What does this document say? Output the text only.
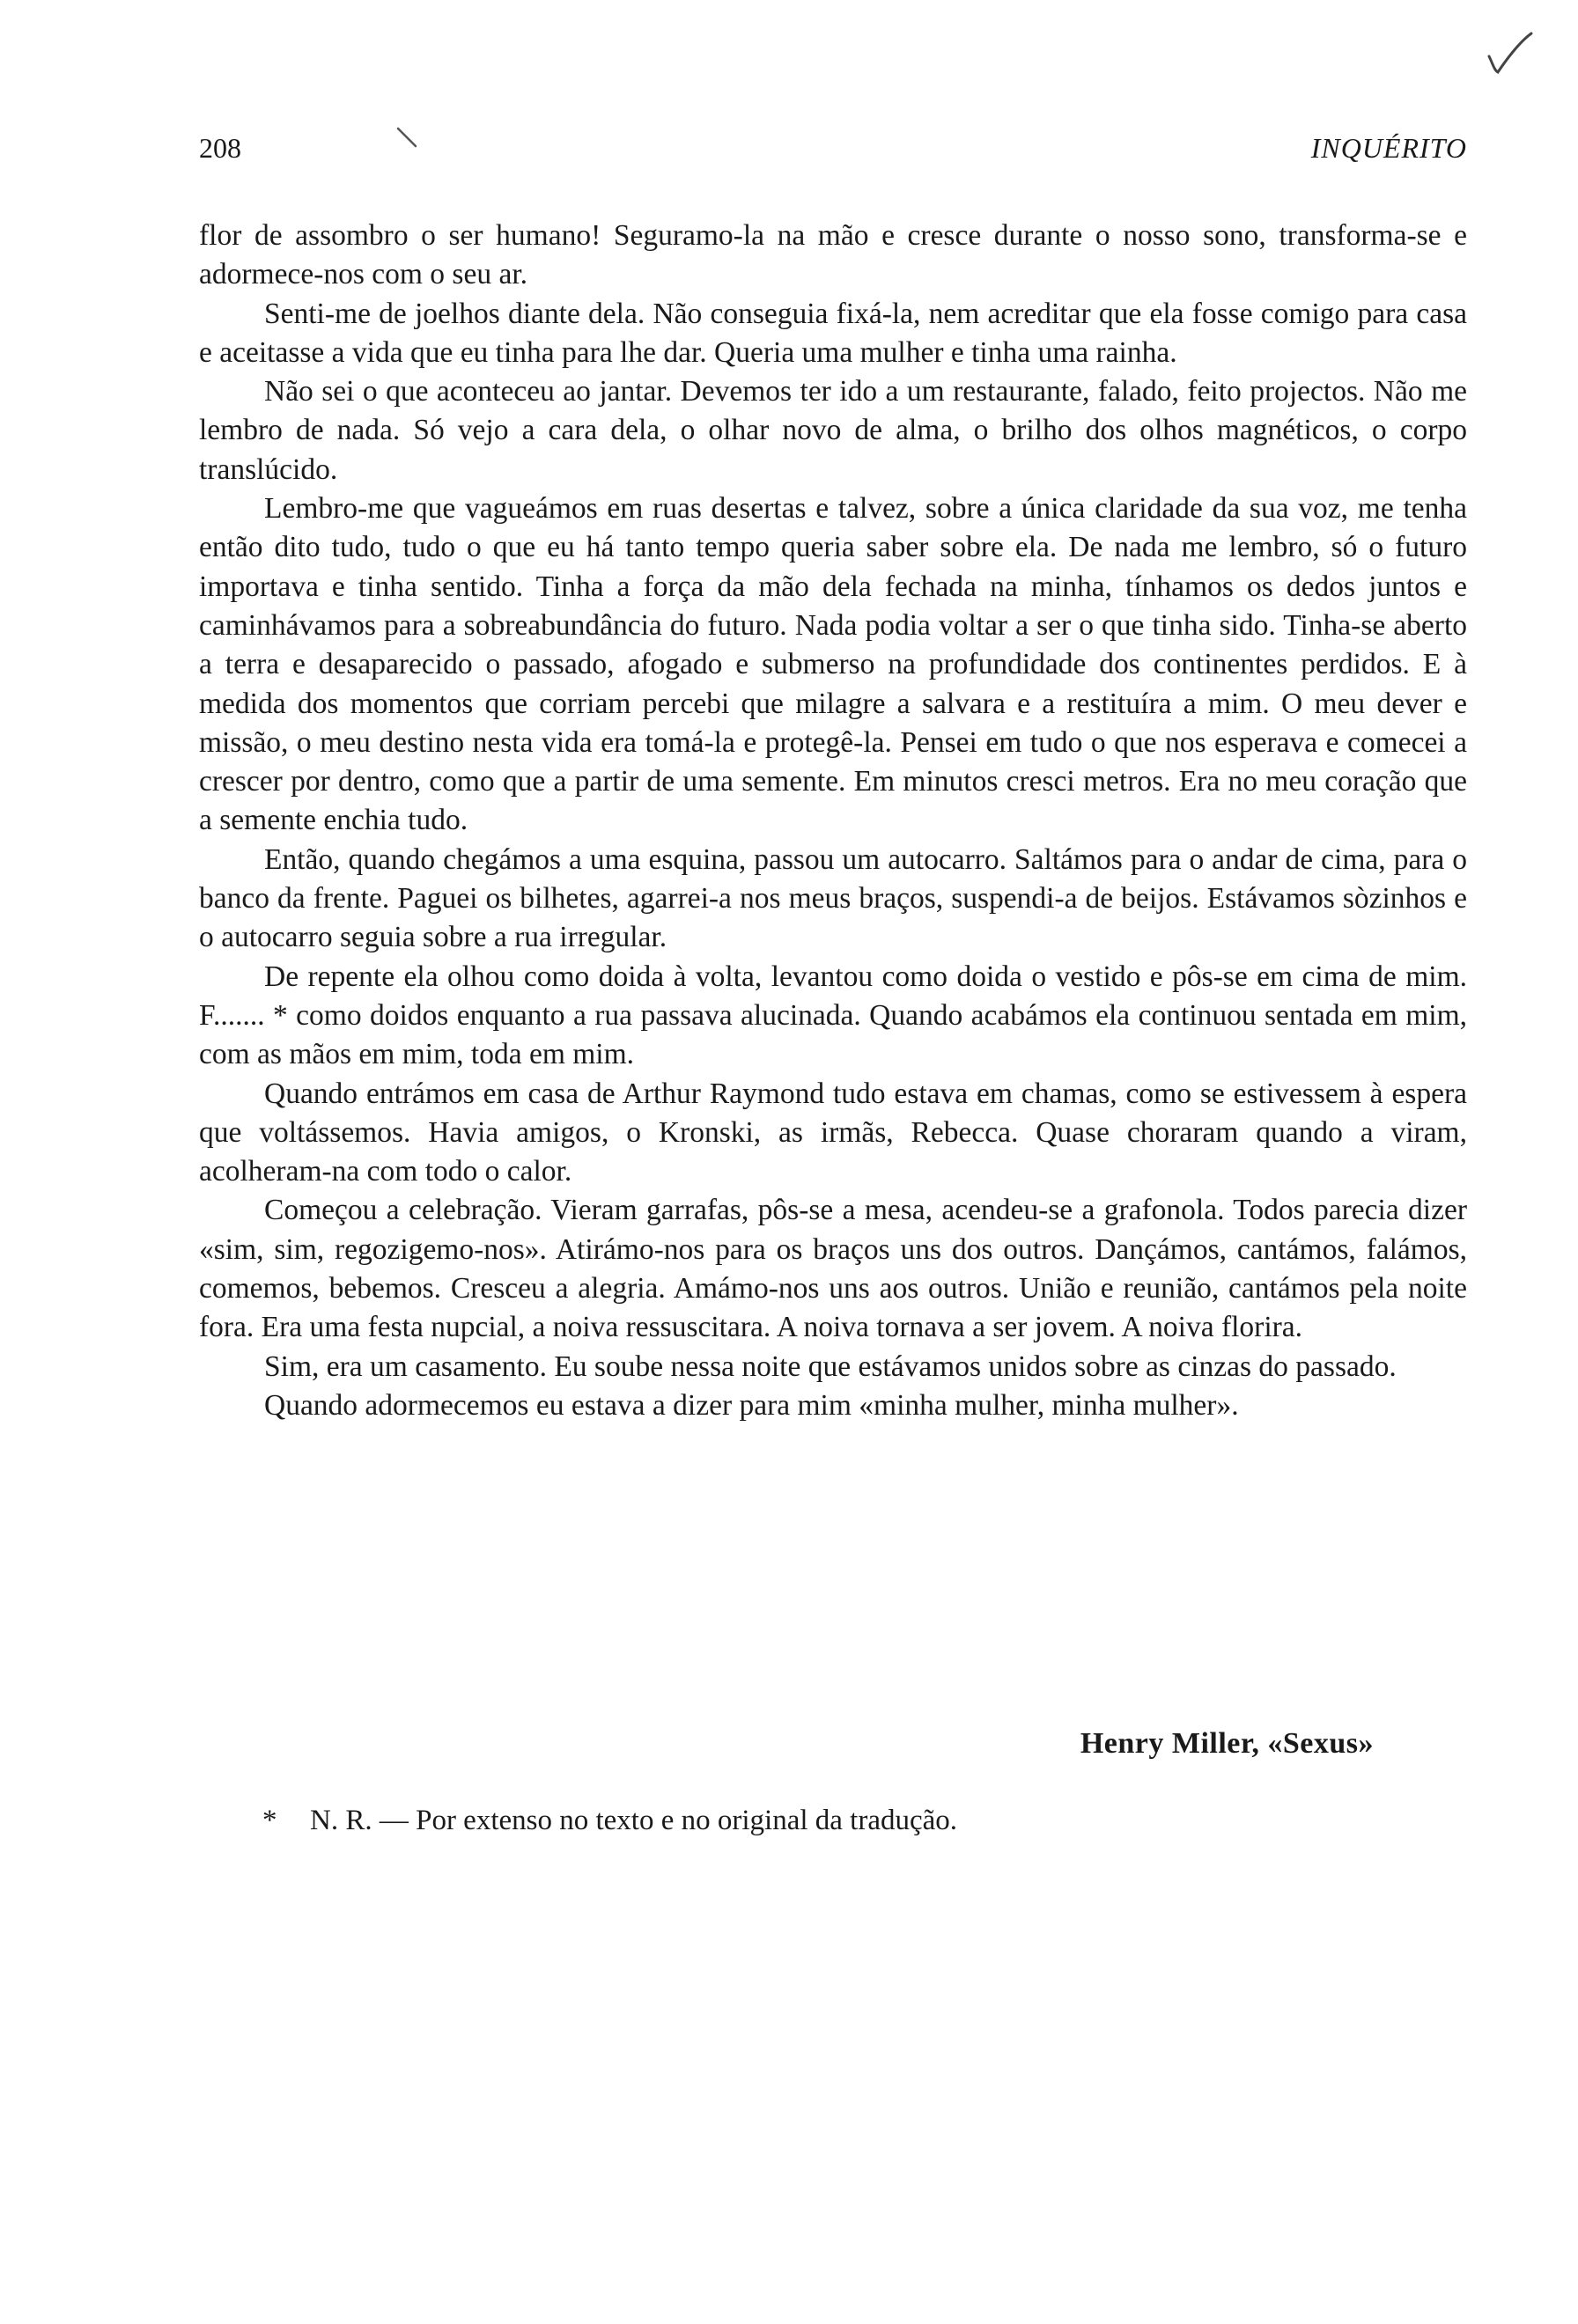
208	INQUÉRITO

flor de assombro o ser humano! Seguramo-la na mão e cresce durante o nosso sono, transforma-se e adormece-nos com o seu ar.

Senti-me de joelhos diante dela. Não conseguia fixá-la, nem acreditar que ela fosse comigo para casa e aceitasse a vida que eu tinha para lhe dar. Queria uma mulher e tinha uma rainha.

Não sei o que aconteceu ao jantar. Devemos ter ido a um restaurante, falado, feito projectos. Não me lembro de nada. Só vejo a cara dela, o olhar novo de alma, o brilho dos olhos magnéticos, o corpo translúcido.

Lembro-me que vagueámos em ruas desertas e talvez, sobre a única claridade da sua voz, me tenha então dito tudo, tudo o que eu há tanto tempo queria saber sobre ela. De nada me lembro, só o futuro importava e tinha sentido. Tinha a força da mão dela fechada na minha, tínhamos os dedos juntos e caminhávamos para a sobreabundância do futuro. Nada podia voltar a ser o que tinha sido. Tinha-se aberto a terra e desaparecido o passado, afogado e submerso na profundidade dos continentes perdidos. E à medida dos momentos que corriam percebi que milagre a salvara e a restituíra a mim. O meu dever e missão, o meu destino nesta vida era tomá-la e protegê-la. Pensei em tudo o que nos esperava e comecei a crescer por dentro, como que a partir de uma semente. Em minutos cresci metros. Era no meu coração que a semente enchia tudo.

Então, quando chegámos a uma esquina, passou um autocarro. Saltámos para o andar de cima, para o banco da frente. Paguei os bilhetes, agarrei-a nos meus braços, suspendi-a de beijos. Estávamos sòzinhos e o autocarro seguia sobre a rua irregular.

De repente ela olhou como doida à volta, levantou como doida o vestido e pôs-se em cima de mim. F....... * como doidos enquanto a rua passava alucinada. Quando acabámos ela continuou sentada em mim, com as mãos em mim, toda em mim.

Quando entrámos em casa de Arthur Raymond tudo estava em chamas, como se estivessem à espera que voltássemos. Havia amigos, o Kronski, as irmãs, Rebecca. Quase choraram quando a viram, acolheram-na com todo o calor.

Começou a celebração. Vieram garrafas, pôs-se a mesa, acendeu-se a grafonola. Todos parecia dizer «sim, sim, regozigemo-nos». Atirámo-nos para os braços uns dos outros. Dançámos, cantámos, falámos, comemos, bebemos. Cresceu a alegria. Amámo-nos uns aos outros. União e reunião, cantámos pela noite fora. Era uma festa nupcial, a noiva ressuscitara. A noiva tornava a ser jovem. A noiva florira.

Sim, era um casamento. Eu soube nessa noite que estávamos unidos sobre as cinzas do passado.

Quando adormecemos eu estava a dizer para mim «minha mulher, minha mulher».

Henry Miller, «Sexus»
* N. R. — Por extenso no texto e no original da tradução.
